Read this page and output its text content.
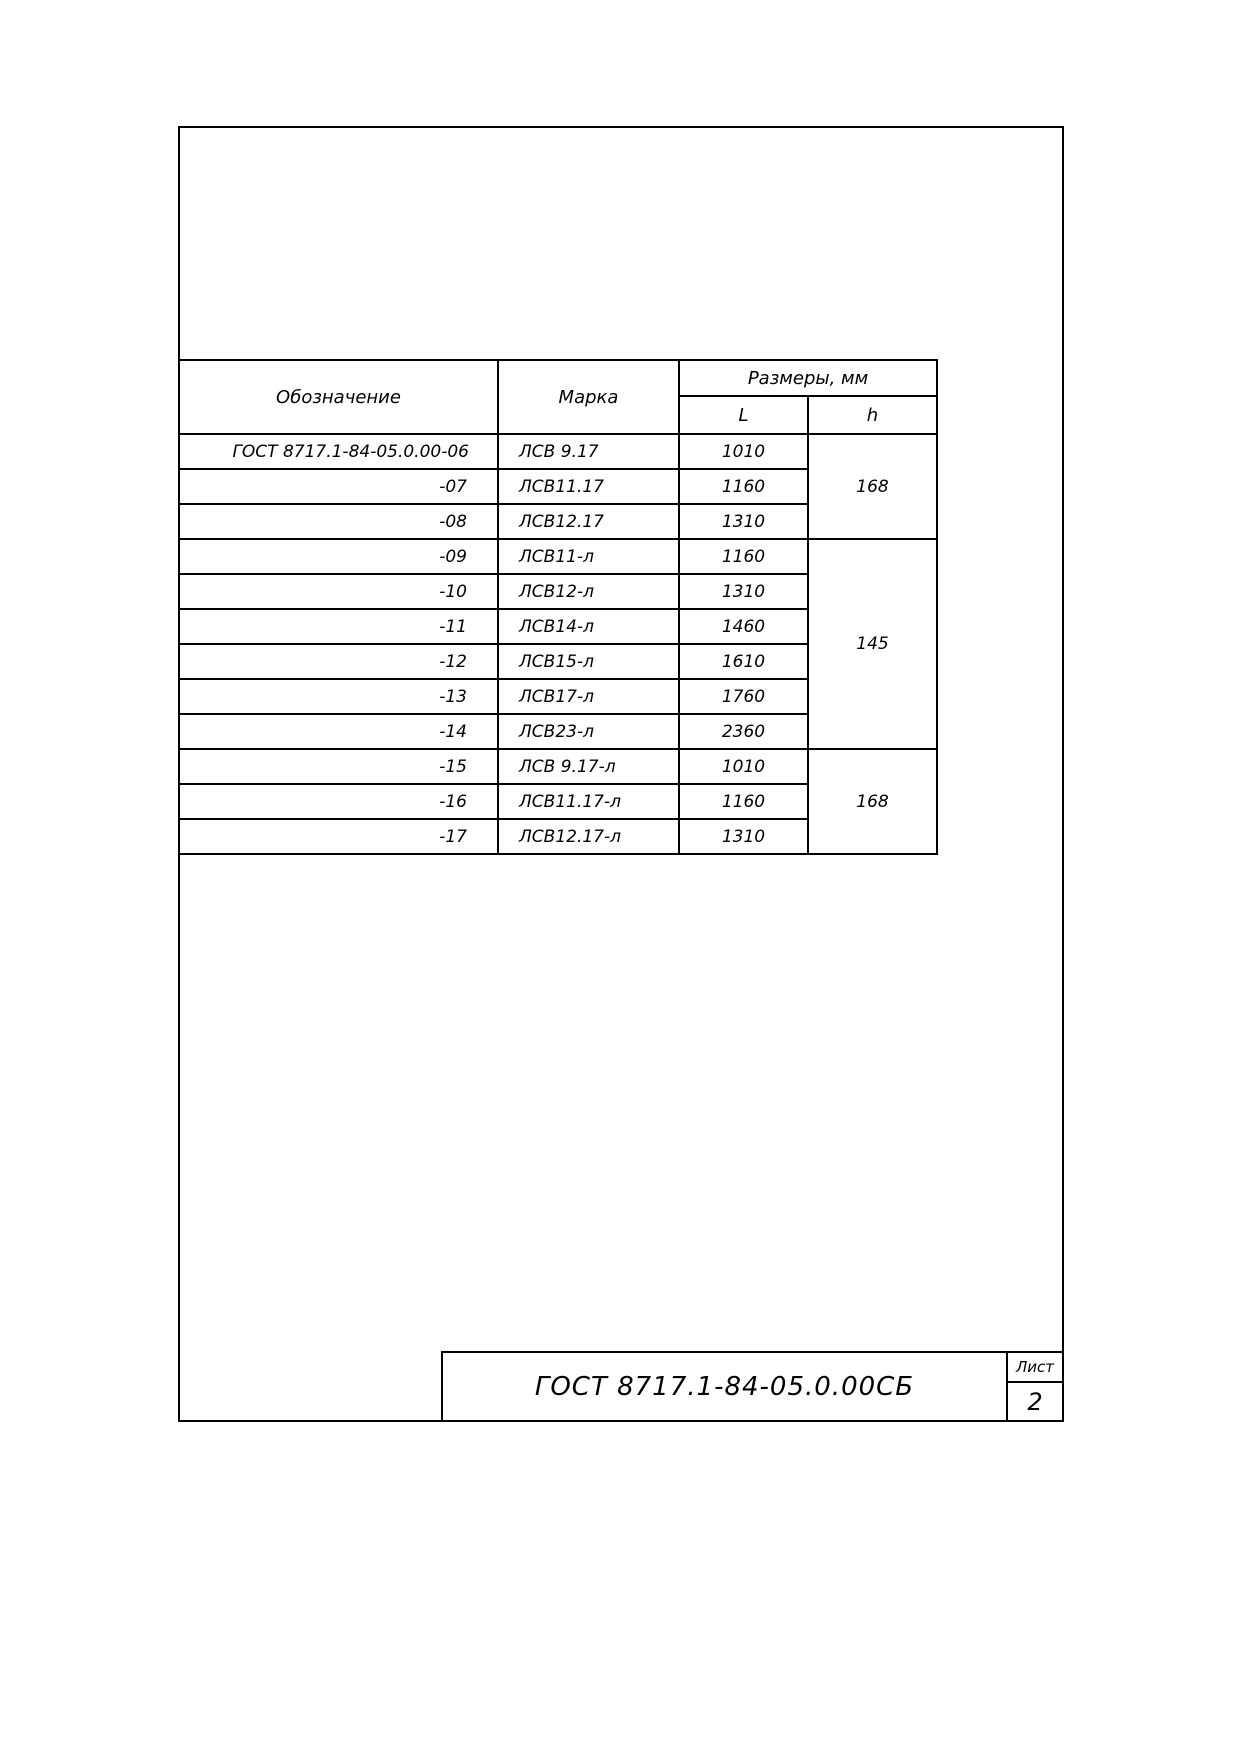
Обозначение	Марка	Размеры, мм	
		L	h
ГОСТ 8717.1-84-05.0.00-06	ЛСВ 9.17	1010	168
-07	ЛСВ11.17	1160	
-08	ЛСВ12.17	1310	
-09	ЛСВ11-л	1160	145
-10	ЛСВ12-л	1310	
-11	ЛСВ14-л	1460	
-12	ЛСВ15-л	1610	
-13	ЛСВ17-л	1760	
-14	ЛСВ23-л	2360	
-15	ЛСВ 9.17-л	1010	168
-16	ЛСВ11.17-л	1160	
-17	ЛСВ12.17-л	1310	
ГОСТ 8717.1-84-05.0.00СБ
Лист
2
